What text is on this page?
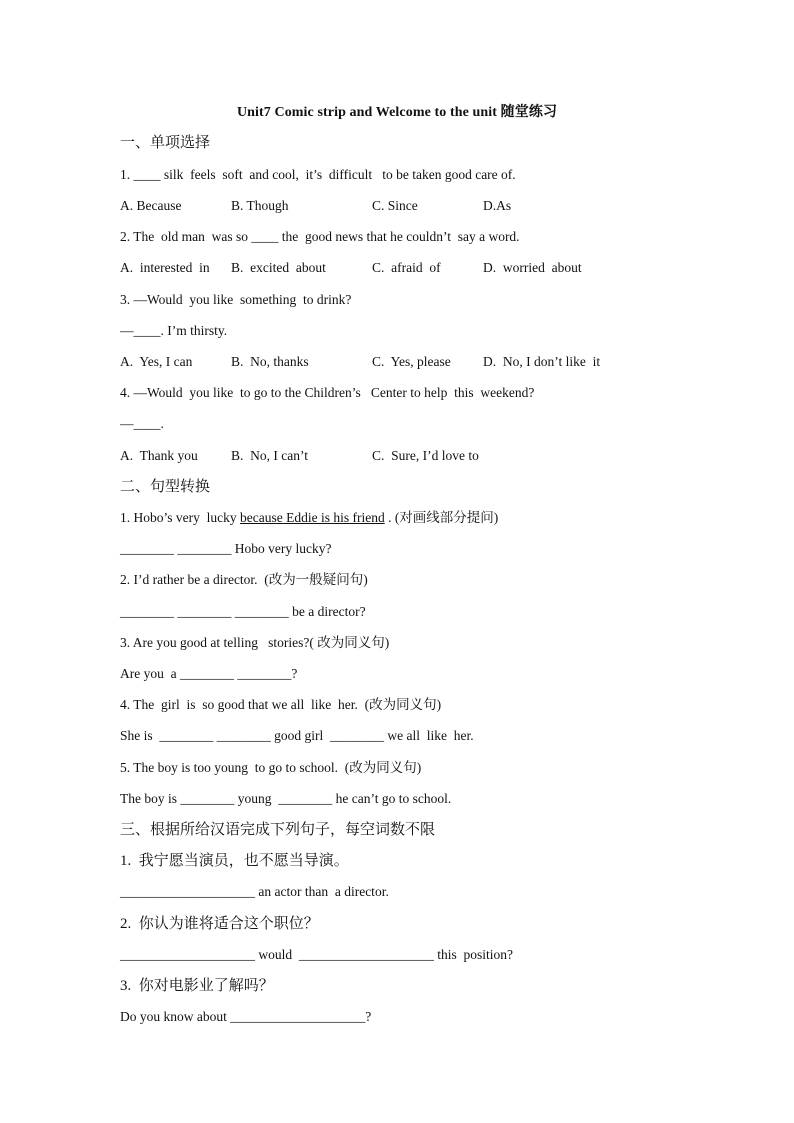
Unit7 Comic strip and Welcome to the unit 随堂练习
一、单项选择
1. ____ silk  feels  soft  and cool,  it’s  difficult   to be taken good care of.
A. Because	B. Though	C. Since	D.As
2. The  old man  was so ____ the  good news that he couldn’t  say a word.
A.  interested  in B.  excited  about	C.  afraid  of	D.  worried  about
3. —Would  you like  something  to drink?
—____. I’m thirsty.
A.  Yes, I can	B.  No, thanks	C.  Yes, please D.  No, I don’t like  it
4. —Would  you like  to go to the Children’s   Center to help  this  weekend?
—____.
A.  Thank you B.  No, I can’t	C.  Sure, I’d love to
二、句型转换
1. Hobo’s very  lucky because Eddie is his friend . (对画线部分提问)
________ ________ Hobo very lucky?
2. I’d rather be a director.  (改为一般疑问句)
________ ________ ________ be a director?
3. Are you good at telling   stories?( 改为同义句)
Are you  a ________ ________?
4. The  girl  is  so good that we all  like  her.  (改为同义句)
She is  ________ ________ good girl  ________ we all  like  her.
5. The boy is too young  to go to school.  (改为同义句)
The boy is ________ young  ________ he can’t go to school.
三、根据所给汉语完成下列句子，每空词数不限
1.  我宁愿当演员，也不愿当导演。
____________________ an actor than  a director.
2.  你认为谁将适合这个职位？
____________________ would  ____________________ this  position?
3.  你对电影业了解吗？
Do you know about ____________________?
